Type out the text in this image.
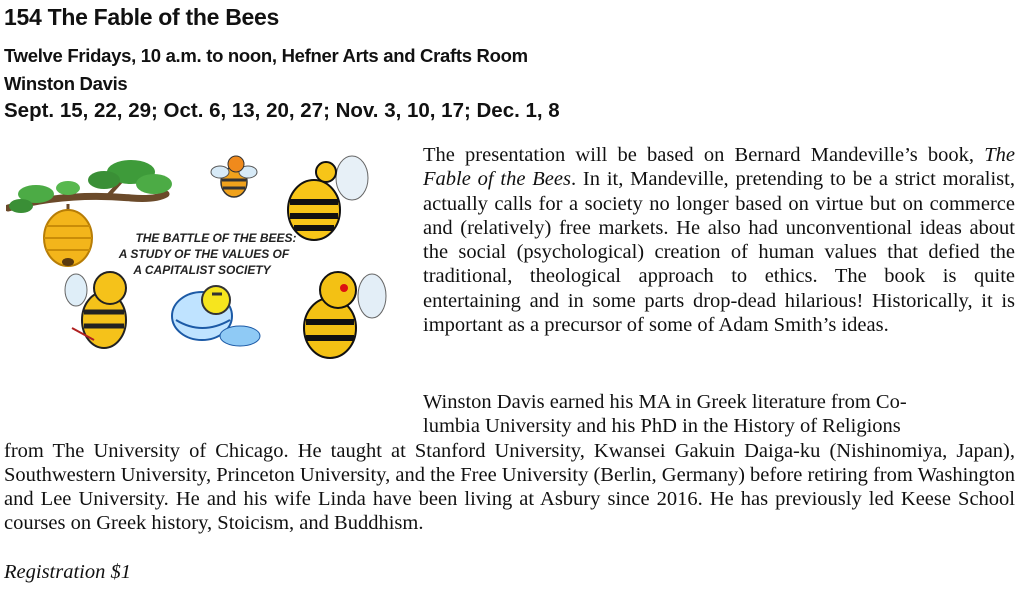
154 The Fable of the Bees
Twelve Fridays, 10 a.m. to noon, Hefner Arts and Crafts Room
Winston Davis
Sept. 15, 22, 29; Oct. 6, 13, 20, 27; Nov. 3, 10, 17; Dec. 1, 8
THE BATTLE OF THE BEES:
A STUDY OF THE VALUES OF
A CAPITALIST SOCIETY

The presentation will be based on Bernard Mandeville’s book, The Fable of the Bees. In it, Mandeville, pretending to be a strict moralist, actually calls for a society no longer based on virtue but on commerce and (relatively) free markets. He also had unconventional ideas about the social (psychological) creation of human values that defied the traditional, theological approach to ethics. The book is quite entertaining and in some parts drop-dead hilarious! Historically, it is important as a precursor of some of Adam Smith’s ideas.

Winston Davis earned his MA in Greek literature from Co-
lumbia University and his PhD in the History of Religions
from The University of Chicago. He taught at Stanford University, Kwansei Gakuin Daiga-ku (Nishinomiya, Japan), Southwestern University, Princeton University, and the Free University (Berlin, Germany) before retiring from Washington and Lee University. He and his wife Linda have been living at Asbury since 2016. He has previously led Keese School courses on Greek history, Stoicism, and Buddhism.

Registration $1
